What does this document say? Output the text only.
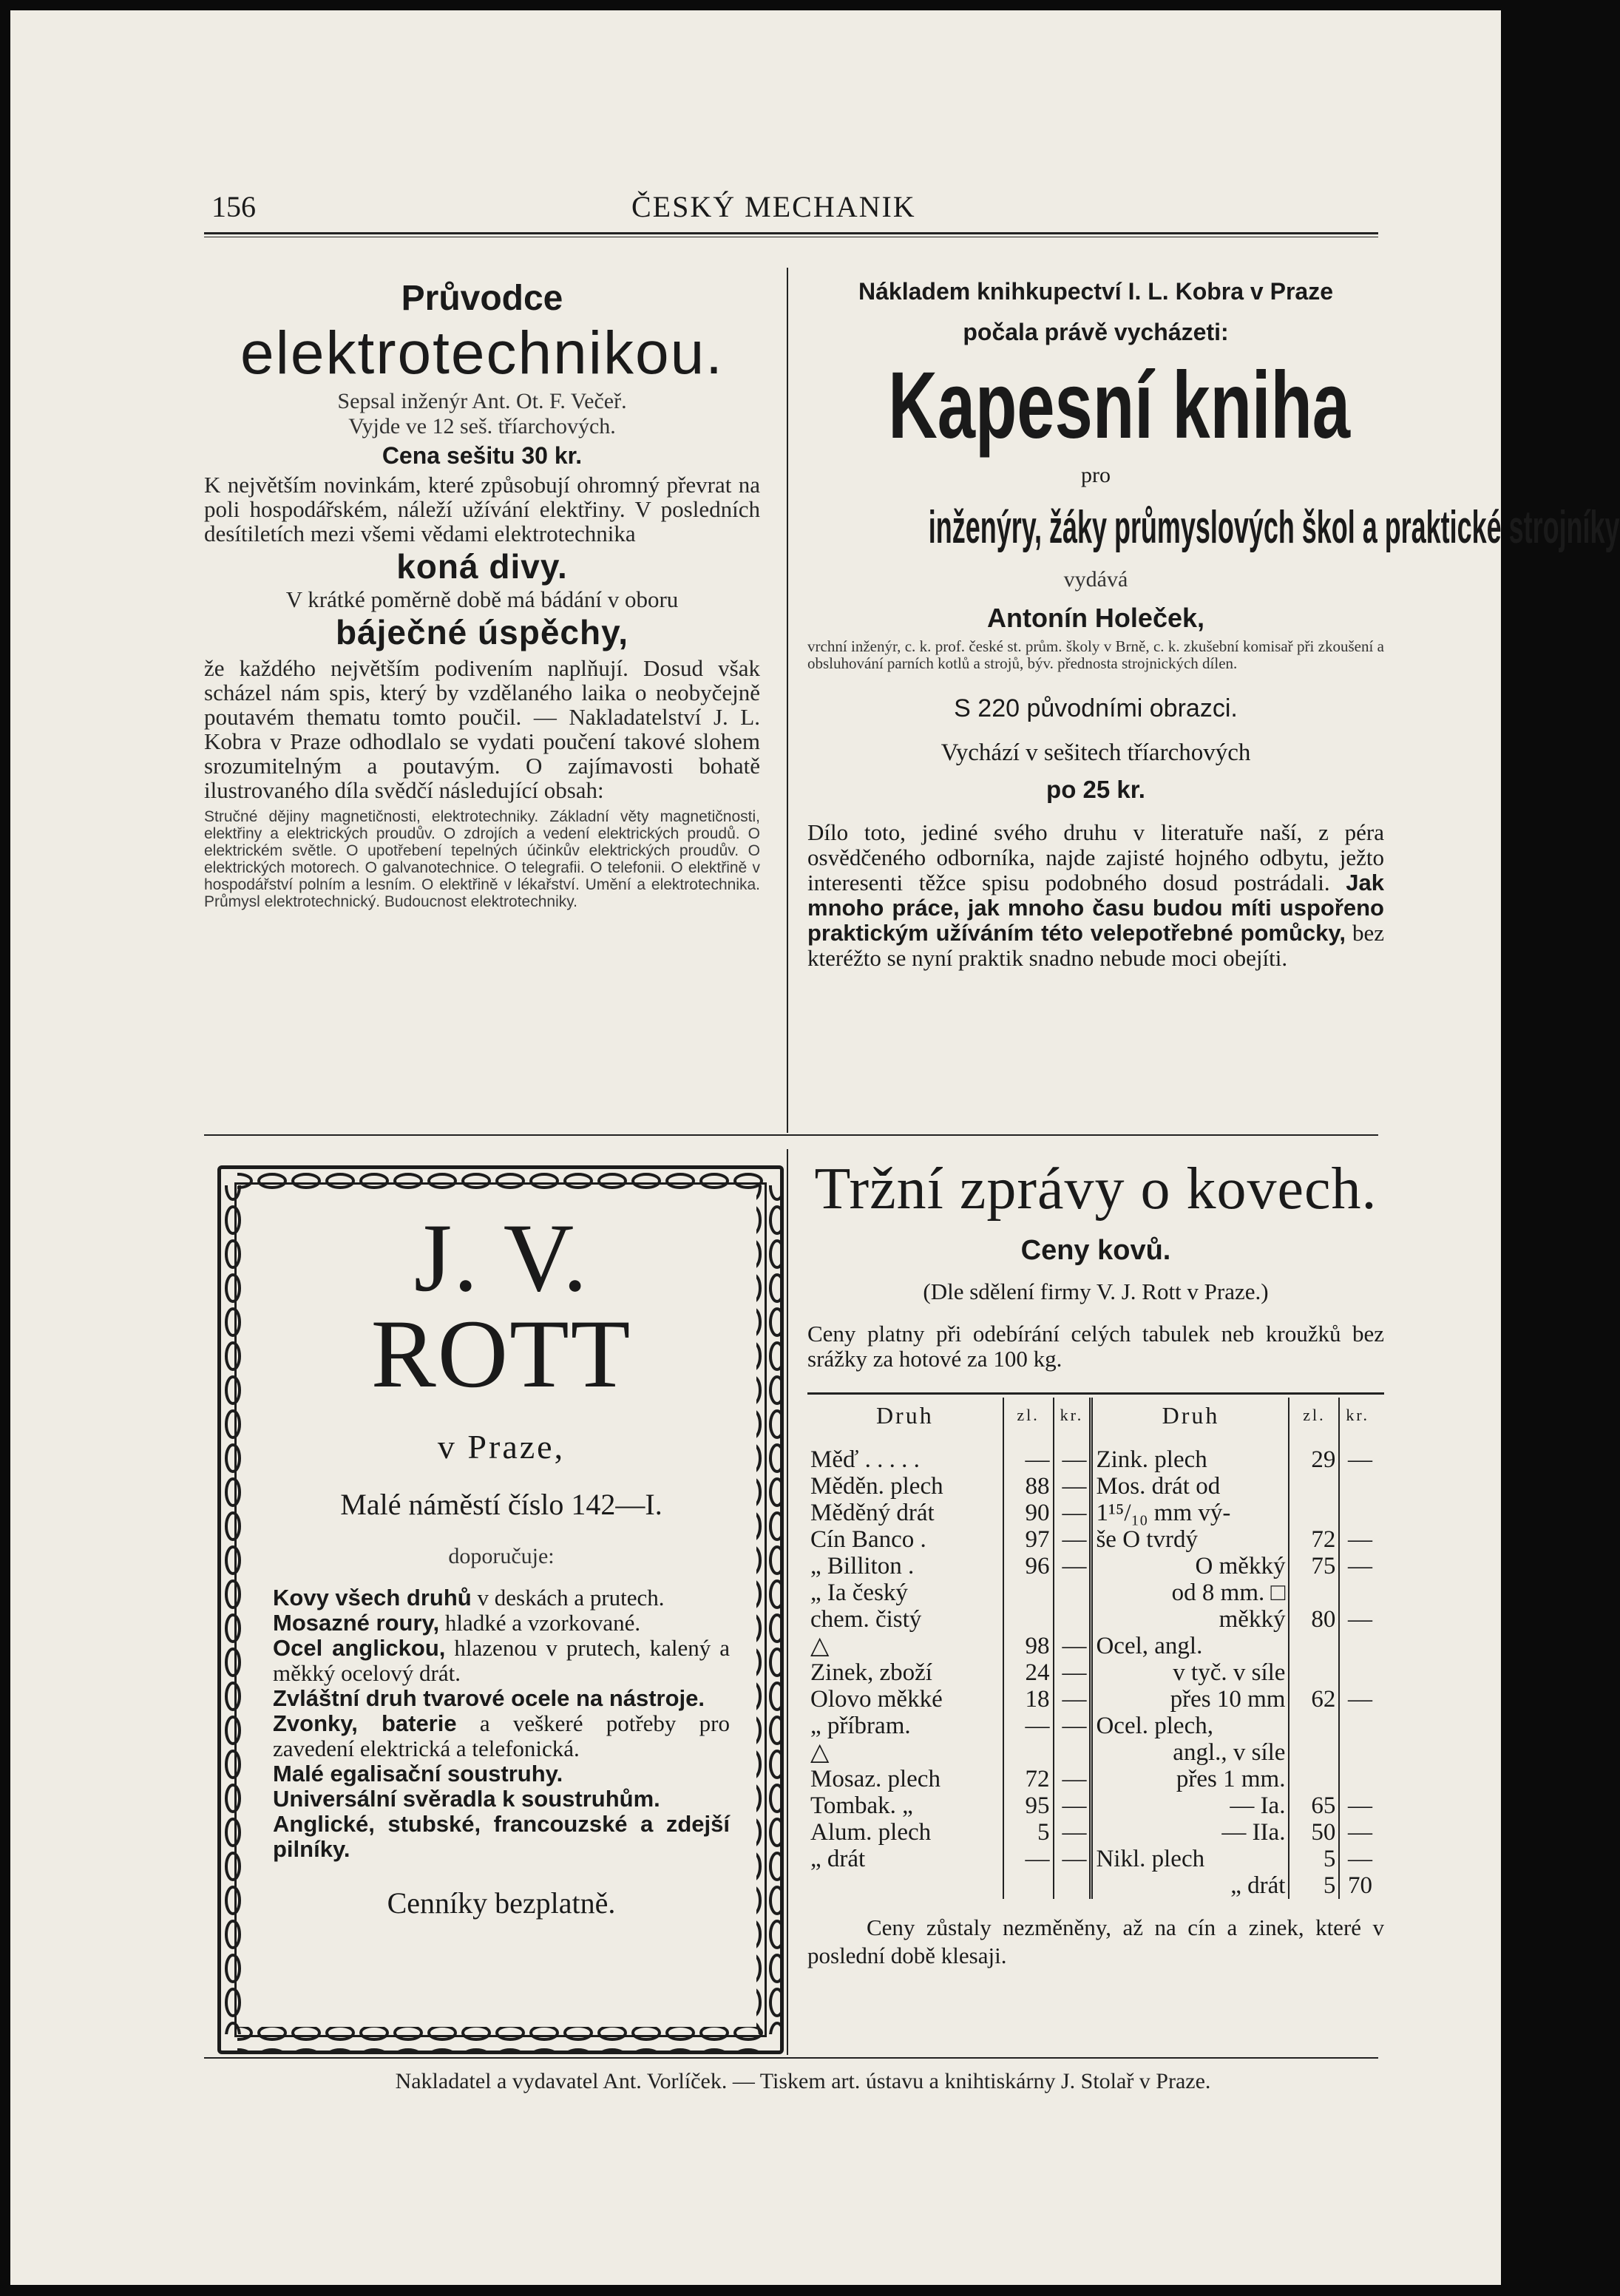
156	ČESKÝ MECHANIK
Průvodce
elektrotechnikou.

Sepsal inženýr Ant. Ot. F. Večeř.

Vyjde ve 12 seš. tříarchových.

Cena sešitu 30 kr.

K největším novinkám, které způsobují ohromný převrat na poli hospodářském, náleží užívání elektřiny. V posledních desítiletích mezi všemi vědami elektrotechnika

koná divy.

V krátké poměrně době má bádání v oboru

báječné úspěchy,

že každého největším podivením naplňují. Dosud však scházel nám spis, který by vzdělaného laika o neobyčejně poutavém thematu tomto poučil. — Nakladatelství J. L. Kobra v Praze odhodlalo se vydati poučení takové slohem srozumitelným a poutavým. O zajímavosti bohatě ilustrovaného díla svědčí následující obsah:

Stručné dějiny magnetičnosti, elektrotechniky. Základní věty magnetičnosti, elektřiny a elektrických proudův. O zdrojích a vedení elektrických proudů. O elektrickém světle. O upotřebení tepelných účinkův elektrických proudův. O elektrických motorech. O galvanotechnice. O telegrafii. O telefonii. O elektřině v hospodářství polním a lesním. O elektřině v lékařství. Umění a elektrotechnika. Průmysl elektrotechnický. Budoucnost elektrotechniky.

Nákladem knihkupectví I. L. Kobra v Praze

počala právě vycházeti:

Kapesní kniha

pro

inženýry, žáky průmyslových škol a praktické strojníky

vydává

Antonín Holeček,

vrchní inženýr, c. k. prof. české st. prům. školy v Brně, c. k. zkušební komisař při zkoušení a obsluhování parních kotlů a strojů, býv. přednosta strojnických dílen.

S 220 původními obrazci.

Vychází v sešitech tříarchových

po 25 kr.

Dílo toto, jediné svého druhu v literatuře naší, z péra osvědčeného odborníka, najde zajisté hojného odbytu, ježto interesenti těžce spisu podobného dosud postrádali. Jak mnoho práce, jak mnoho času budou míti uspořeno praktickým užíváním této velepotřebné pomůcky, bez kteréžto se nyní praktik snadno nebude moci obejíti.

J. V. ROTT

v Praze,

Malé náměstí číslo 142—I.

doporučuje:

Kovy všech druhů v deskách a prutech.

Mosazné roury, hladké a vzorkované.

Ocel anglickou, hlazenou v prutech, kalený a měkký ocelový drát.

Zvláštní druh tvarové ocele na nástroje.

Zvonky, baterie a veškeré potřeby pro zavedení elektrická a telefonická.

Malé egalisační soustruhy.

Universální svěradla k soustruhům.

Anglické, stubské, francouzské a zdejší pilníky.

Cenníky bezplatně.

Tržní zprávy o kovech.

Ceny kovů.

(Dle sdělení firmy V. J. Rott v Praze.)

Ceny platny při odebírání celých tabulek neb kroužků bez srážky za hotové za 100 kg.

Druh	zl.	kr.	Druh	zl.	kr.
Měď . . . . .	—	—	Zink. plech	29	—
Měděn. plech	88	—	Mos. drát od		
Měděný drát	90	—	1¹⁵/₁₀ mm vý-		
Cín Banco .	97	—	še O tvrdý	72	—
„ Billiton .	96	—	O měkký	75	—
„ Ia český			od 8 mm. □		
chem. čistý			měkký	80	—
△	98	—	Ocel, angl.		
Zinek, zboží	24	—	v tyč. v síle		
Olovo měkké	18	—	přes 10 mm	62	—
„ příbram.	—	—	Ocel. plech,		
△			angl., v síle		
Mosaz. plech	72	—	přes 1 mm.		
Tombak. „	95	—	— Ia.	65	—
Alum. plech	5	—	— IIa.	50	—
„ drát	—	—	Nikl. plech	5	—
			„ drát	5	70

Ceny zůstaly nezměněny, až na cín a zinek, které v poslední době klesaji.

Nakladatel a vydavatel Ant. Vorlíček. — Tiskem art. ústavu a knihtiskárny J. Stolař v Praze.
